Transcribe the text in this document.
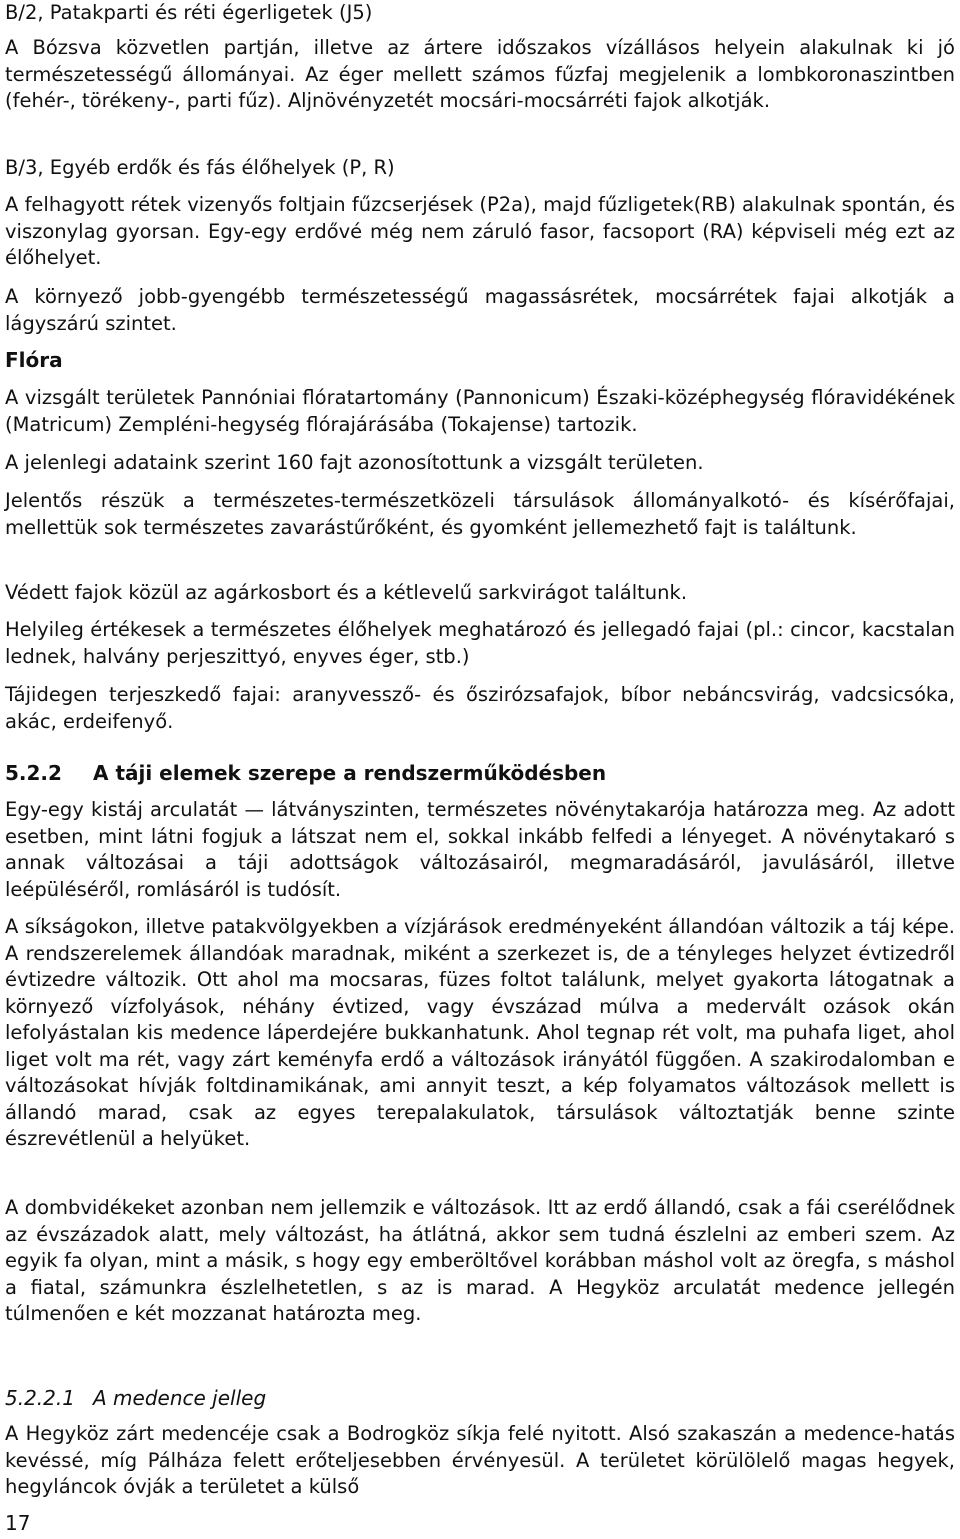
B/2, Patakparti és réti égerligetek (J5)
A Bózsva közvetlen partján, illetve az ártere időszakos vízállásos helyein alakulnak ki jó természetességű állományai. Az éger mellett számos fűzfaj megjelenik a lombkoronaszintben (fehér-, törékeny-, parti fűz). Aljnövényzetét mocsári-mocsárréti fajok alkotják.
B/3, Egyéb erdők és fás élőhelyek (P, R)
A felhagyott rétek vizenyős foltjain fűzcserjések (P2a), majd fűzligetek(RB) alakulnak spontán, és viszonylag gyorsan. Egy-egy erdővé még nem záruló fasor, facsoport (RA) képviseli még ezt az élőhelyet.
A környező jobb-gyengébb természetességű magassásrétek, mocsárrétek fajai alkotják a lágyszárú szintet.
Flóra
A vizsgált területek Pannóniai flóratartomány (Pannonicum) Északi-középhegység flóravidékének (Matricum) Zempléni-hegység flórajárásába (Tokajense) tartozik.
A jelenlegi adataink szerint 160 fajt azonosítottunk a vizsgált területen.
Jelentős részük a természetes-természetközeli társulások állományalkotó- és kísérőfajai, mellettük sok természetes zavarástűrőként, és gyomként jellemezhető fajt is találtunk.
Védett fajok közül az agárkosbort és a kétlevelű sarkvirágot találtunk.
Helyileg értékesek a természetes élőhelyek meghatározó és jellegadó fajai (pl.: cincor, kacstalan lednek, halvány perjeszittyó, enyves éger, stb.)
Tájidegen terjeszkedő fajai: aranyvessző- és őszirózsafajok, bíbor nebáncsvirág, vadcsicsóka, akác, erdeifenyő.
5.2.2 A táji elemek szerepe a rendszerműködésben
Egy-egy kistáj arculatát — látványszinten, természetes növénytakarója határozza meg. Az adott esetben, mint látni fogjuk a látszat nem el, sokkal inkább felfedi a lényeget. A növénytakaró s annak változásai a táji adottságok változásairól, megmaradásáról, javulásáról, illetve leépüléséről, romlásáról is tudósít.
A síkságokon, illetve patakvölgyekben a vízjárások eredményeként állandóan változik a táj képe. A rendszerelemek állandóak maradnak, miként a szerkezet is, de a tényleges helyzet évtizedről évtizedre változik. Ott ahol ma mocsaras, füzes foltot találunk, melyet gyakorta látogatnak a környező vízfolyások, néhány évtized, vagy évszázad múlva a medervált ozások okán lefolyástalan kis medence láperdejére bukkanhatunk. Ahol tegnap rét volt, ma puhafa liget, ahol liget volt ma rét, vagy zárt keményfa erdő a változások irányától függően. A szakirodalomban e változásokat hívják foltdinamikának, ami annyit teszt, a kép folyamatos változások mellett is állandó marad, csak az egyes terepalakulatok, társulások változtatják benne szinte észrevétlenül a helyüket.
A dombvidékeket azonban nem jellemzik e változások. Itt az erdő állandó, csak a fái cserélődnek az évszázadok alatt, mely változást, ha átlátná, akkor sem tudná észlelni az emberi szem. Az egyik fa olyan, mint a másik, s hogy egy emberöltővel korábban máshol volt az öregfa, s máshol a fiatal, számunkra észlelhetetlen, s az is marad. A Hegyköz arculatát medence jellegén túlmenően e két mozzanat határozta meg.
5.2.2.1 A medence jelleg
A Hegyköz zárt medencéje csak a Bodrogköz síkja felé nyitott. Alsó szakaszán a medence-hatás kevéssé, míg Pálháza felett erőteljesebben érvényesül. A területet körülölelő magas hegyek, hegyláncok óvják a területet a külső
17
